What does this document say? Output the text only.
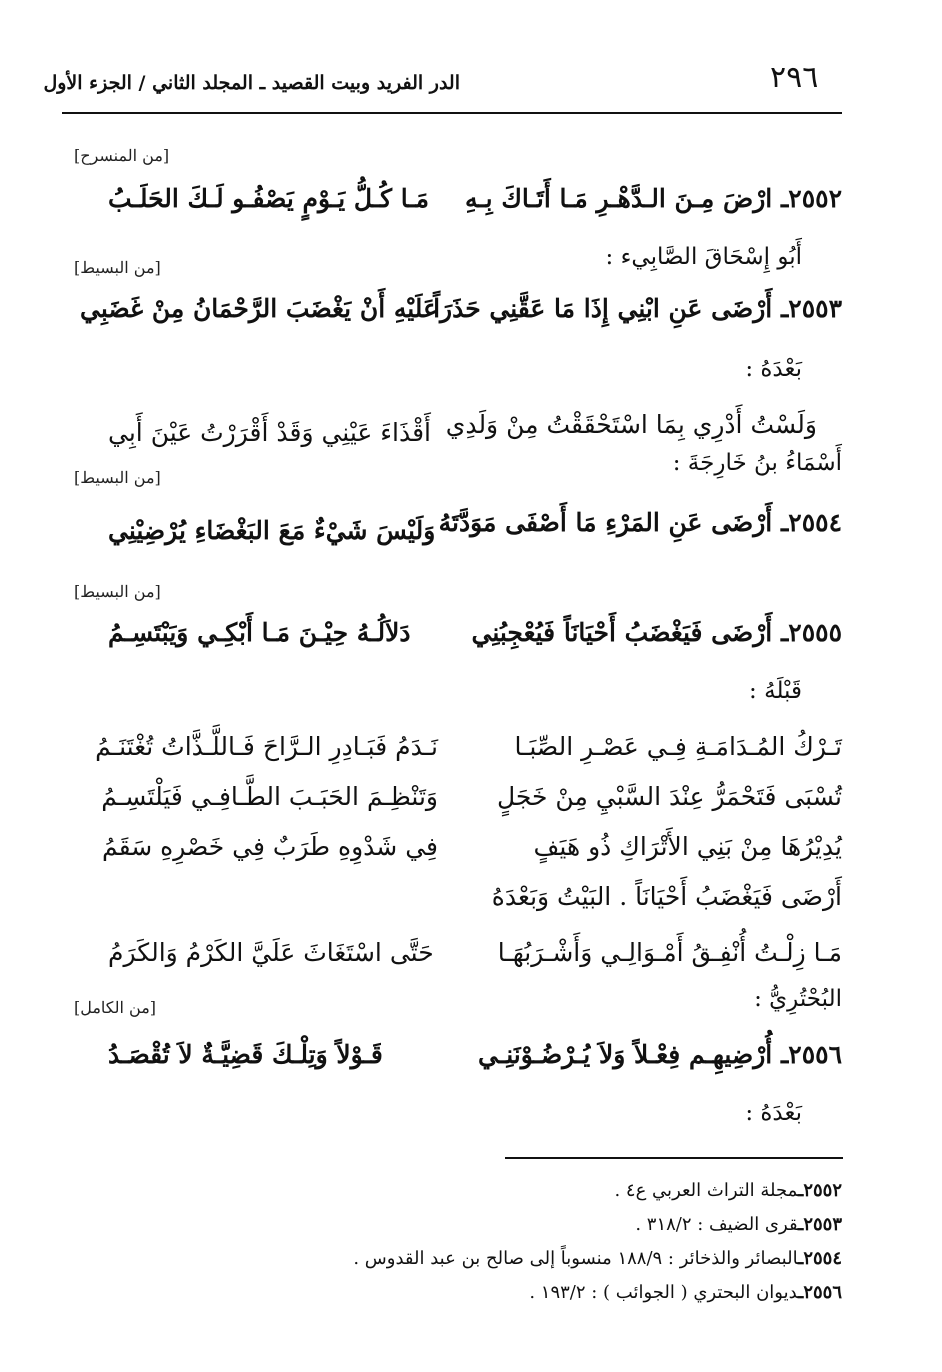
٢٩٦
الدر الفريد وبيت القصيد ـ المجلد الثاني / الجزء الأول
[من المنسرح]
٢٥٥٢ـ ارْضَ مِـنَ الـدَّهْـرِ مَـا أَتَـاكَ بِـهِ
مَـا كُـلُّ يَـوْمٍ يَصْفُـو لَـكَ الحَلَـبُ
أَبُو إِسْحَاقَ الصَّابِيء :
[من البسيط]
٢٥٥٣ـ أَرْضَى عَنِ ابْنِي إِذَا مَا عَقَّنِي حَذَرَاً
عَلَيْهِ أَنْ يَغْضَبَ الرَّحْمَانُ مِنْ غَضَبِي
بَعْدَهُ :
وَلَسْتُ أَدْرِي بِمَا اسْتَحْقَقْتُ مِنْ وَلَدِي
أَقْذَاءَ عَيْنِي وَقَدْ أَقْرَرْتُ عَيْنَ أَبِي
أَسْمَاءُ بنُ خَارِجَةَ :
[من البسيط]
٢٥٥٤ـ أَرْضَى عَنِ المَرْءِ مَا أَصْفَى مَوَدَّتَهُ
وَلَيْسَ شَيْءٌ مَعَ البَغْضَاءِ يُرْضِيْنِي
[من البسيط]
٢٥٥٥ـ أَرْضَى فَيَغْضَبُ أَحْيَانَاً فَيُعْجِبُنِي
دَلاَلُـهُ حِيْـنَ مَـا أَبْكِـي وَيَبْتَسِـمُ
قَبْلَهُ :
تَـرْكُ المُـدَامَـةِ فِـي عَصْـرِ الصِّبَـا
نَـدَمُ فَبَـادِرِ الـرَّاحَ فَـاللَّـذَّاتُ تُغْتَنَـمُ
تُسْبَى فَتَحْمَرُّ عِنْدَ السَّبْيِ مِنْ خَجَلٍ
وَتَنْظِـمَ الحَبَـبَ الطَّـافِـي فَيَلْتَسِـمُ
يُدِيْرُهَا مِنْ بَنِي الأَتْرَاكِ ذُو هَيَفٍ
فِي شَدْوِهِ طَرَبٌ فِي خَصْرِهِ سَقَمُ
أَرْضَى فَيَغْضَبُ أَحْيَانَاً . البَيْتُ وَبَعْدَهُ
مَـا زِلْـتُ أُنْفِـقُ أَمْـوَالِـي وَأَشْـرَبُهَـا
حَتَّى اسْتَغَاثَ عَلَيَّ الكَرْمُ وَالكَرَمُ
البُحْتُرِيُّ :
[من الكامل]
٢٥٥٦ـ أُرْضِيهِـم فِعْـلاً وَلاَ يُـرْضُـوْنَنِـي
قَـوْلاً وَتِلْـكَ قَضِيَّـةٌ لاَ تُقْصَـدُ
بَعْدَهُ :
٢٥٥٢ـمجلة التراث العربي ع٤ .
٢٥٥٣ـقرى الضيف : ٣١٨/٢ .
٢٥٥٤ـالبصائر والذخائر : ١٨٨/٩ منسوباً إلى صالح بن عبد القدوس .
٢٥٥٦ـديوان البحتري ( الجوائب ) : ١٩٣/٢ .
